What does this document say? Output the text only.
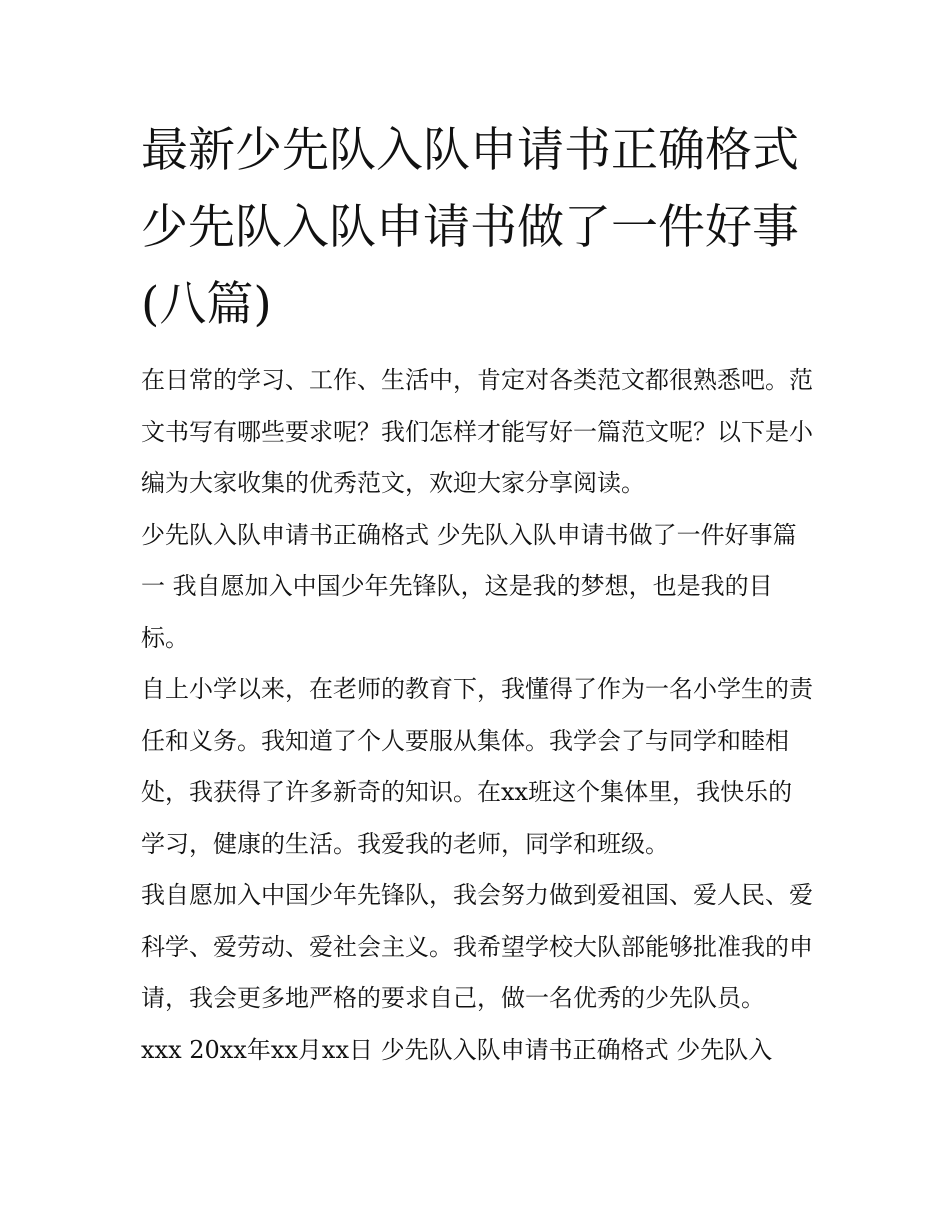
最新少先队入队申请书正确格式 少先队入队申请书做了一件好事(八篇)

在日常的学习、工作、生活中，肯定对各类范文都很熟悉吧。范文书写有哪些要求呢？我们怎样才能写好一篇范文呢？以下是小编为大家收集的优秀范文，欢迎大家分享阅读。

少先队入队申请书正确格式 少先队入队申请书做了一件好事篇一 我自愿加入中国少年先锋队，这是我的梦想，也是我的目标。

自上小学以来，在老师的教育下，我懂得了作为一名小学生的责任和义务。我知道了个人要服从集体。我学会了与同学和睦相处，我获得了许多新奇的知识。在xx班这个集体里，我快乐的学习，健康的生活。我爱我的老师，同学和班级。

我自愿加入中国少年先锋队，我会努力做到爱祖国、爱人民、爱科学、爱劳动、爱社会主义。我希望学校大队部能够批准我的申请，我会更多地严格的要求自己，做一名优秀的少先队员。

xxx 20xx年xx月xx日 少先队入队申请书正确格式 少先队入
